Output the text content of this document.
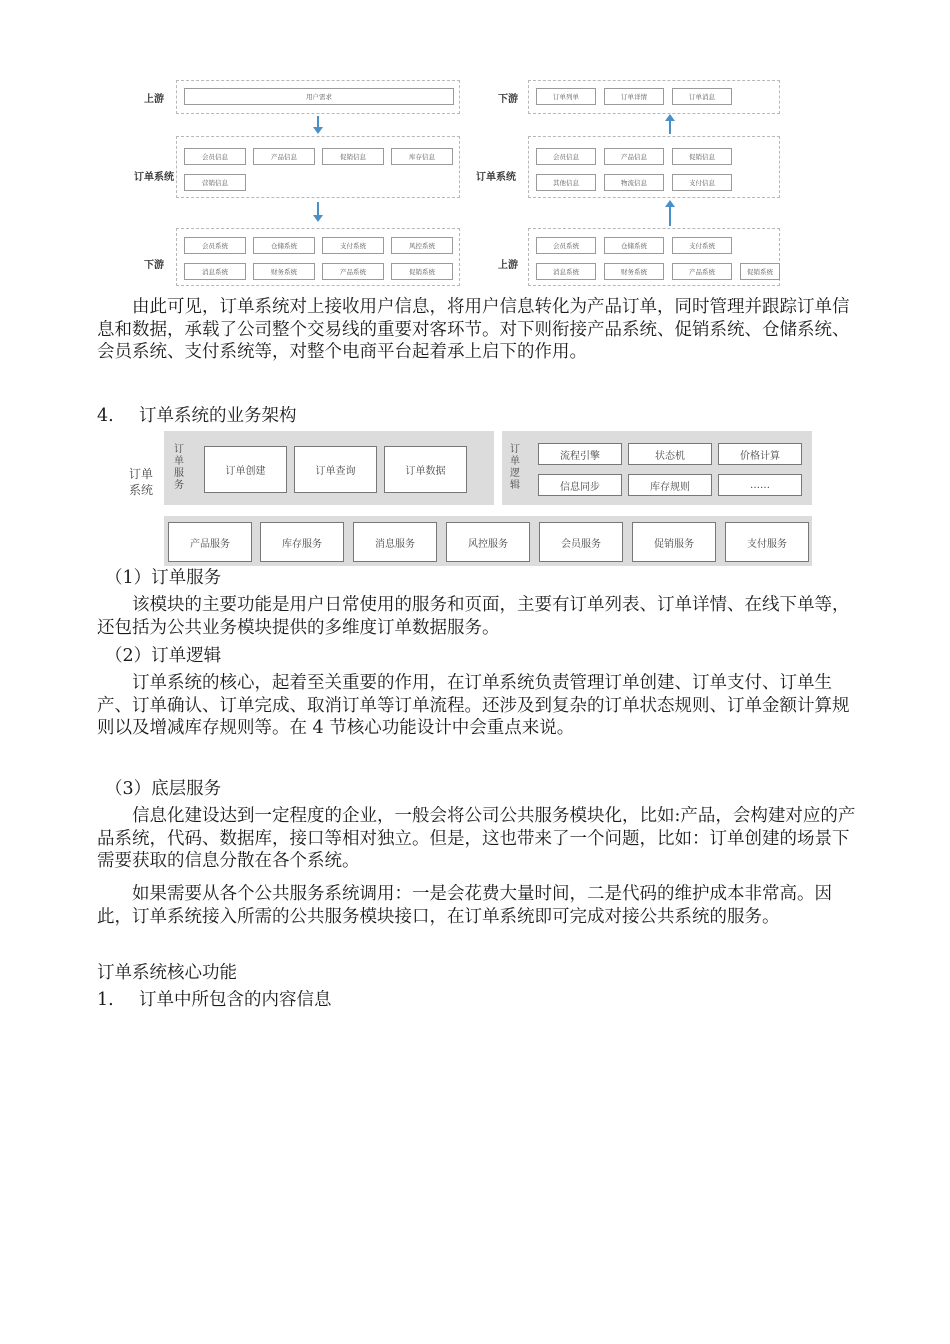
上游
订单系统
下游
用户需求
会员信息	产品信息	促销信息	库存信息
营销信息
会员系统	仓储系统	支付系统	风控系统
消息系统	财务系统	产品系统	促销系统
下游
订单系统
上游
订单列单	订单详情	订单消息
会员信息	产品信息	促销信息
其他信息	物流信息	支付信息
会员系统	仓储系统	支付系统
消息系统	财务系统	产品系统	促销系统

由此可见，订单系统对上接收用户信息，将用户信息转化为产品订单，同时管理并跟踪订单信息和数据，承载了公司整个交易线的重要对客环节。对下则衔接产品系统、促销系统、仓储系统、会员系统、支付系统等，对整个电商平台起着承上启下的作用。

4. 订单系统的业务架构
订单系统
订单服务
订单创建	订单查询	订单数据
订单逻辑
流程引擎	状态机	价格计算
信息同步	库存规则	……
产品服务	库存服务	消息服务	风控服务	会员服务	促销服务	支付服务
（1）订单服务

该模块的主要功能是用户日常使用的服务和页面，主要有订单列表、订单详情、在线下单等，还包括为公共业务模块提供的多维度订单数据服务。

（2）订单逻辑

订单系统的核心，起着至关重要的作用，在订单系统负责管理订单创建、订单支付、订单生产、订单确认、订单完成、取消订单等订单流程。还涉及到复杂的订单状态规则、订单金额计算规则以及增减库存规则等。在 4 节核心功能设计中会重点来说。

（3）底层服务

信息化建设达到一定程度的企业，一般会将公司公共服务模块化，比如:产品，会构建对应的产品系统，代码、数据库，接口等相对独立。但是，这也带来了一个问题，比如：订单创建的场景下需要获取的信息分散在各个系统。

如果需要从各个公共服务系统调用：一是会花费大量时间，二是代码的维护成本非常高。因此，订单系统接入所需的公共服务模块接口，在订单系统即可完成对接公共系统的服务。

订单系统核心功能
1. 订单中所包含的内容信息
